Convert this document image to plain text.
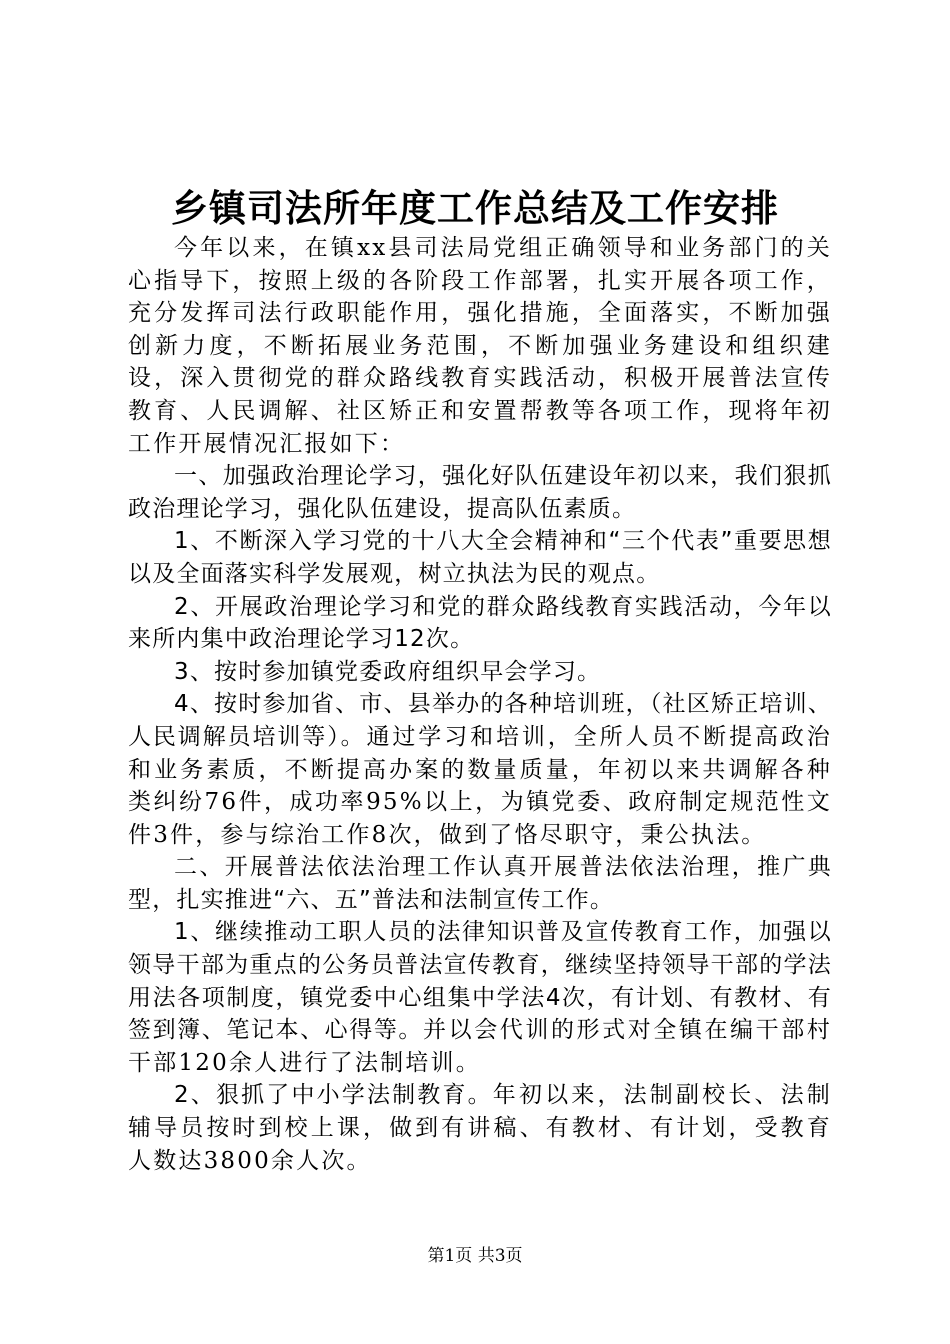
乡镇司法所年度工作总结及工作安排

今年以来，在镇xx县司法局党组正确领导和业务部门的关心指导下，按照上级的各阶段工作部署，扎实开展各项工作，充分发挥司法行政职能作用，强化措施，全面落实，不断加强创新力度，不断拓展业务范围，不断加强业务建设和组织建设，深入贯彻党的群众路线教育实践活动，积极开展普法宣传教育、人民调解、社区矫正和安置帮教等各项工作，现将年初工作开展情况汇报如下：

一、加强政治理论学习，强化好队伍建设年初以来，我们狠抓政治理论学习，强化队伍建设，提高队伍素质。

1、不断深入学习党的十八大全会精神和“三个代表”重要思想以及全面落实科学发展观，树立执法为民的观点。

2、开展政治理论学习和党的群众路线教育实践活动，今年以来所内集中政治理论学习12次。

3、按时参加镇党委政府组织早会学习。

4、按时参加省、市、县举办的各种培训班，（社区矫正培训、人民调解员培训等）。通过学习和培训，全所人员不断提高政治和业务素质，不断提高办案的数量质量，年初以来共调解各种类纠纷76件，成功率95%以上，为镇党委、政府制定规范性文件3件，参与综治工作8次，做到了恪尽职守，秉公执法。

二、开展普法依法治理工作认真开展普法依法治理，推广典型，扎实推进“六、五”普法和法制宣传工作。

1、继续推动工职人员的法律知识普及宣传教育工作，加强以领导干部为重点的公务员普法宣传教育，继续坚持领导干部的学法用法各项制度，镇党委中心组集中学法4次，有计划、有教材、有签到簿、笔记本、心得等。并以会代训的形式对全镇在编干部村干部120余人进行了法制培训。

2、狠抓了中小学法制教育。年初以来，法制副校长、法制辅导员按时到校上课，做到有讲稿、有教材、有计划，受教育人数达3800余人次。

第1页 共3页
